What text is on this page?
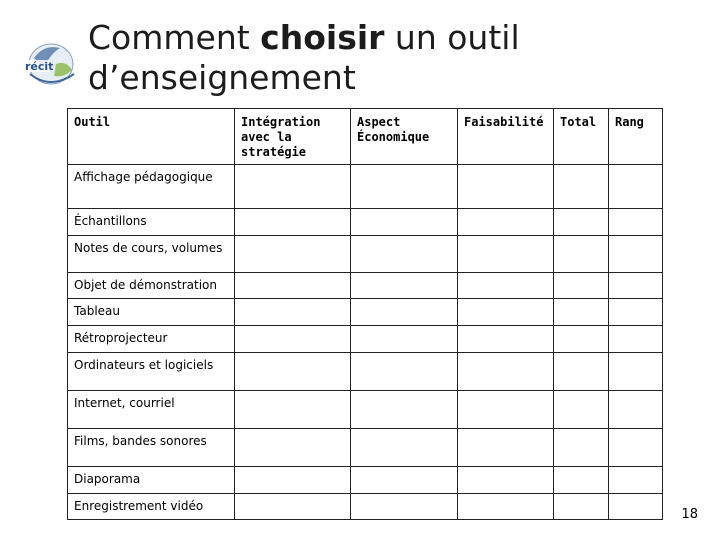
récit
Comment choisir un outil d’enseignement
Outil	Intégration avec la stratégie	Aspect Économique	Faisabilité	Total	Rang
Affichage pédagogique					
Échantillons					
Notes de cours, volumes					
Objet de démonstration					
Tableau					
Rétroprojecteur					
Ordinateurs et logiciels					
Internet, courriel					
Films, bandes sonores					
Diaporama					
Enregistrement vidéo					
18
